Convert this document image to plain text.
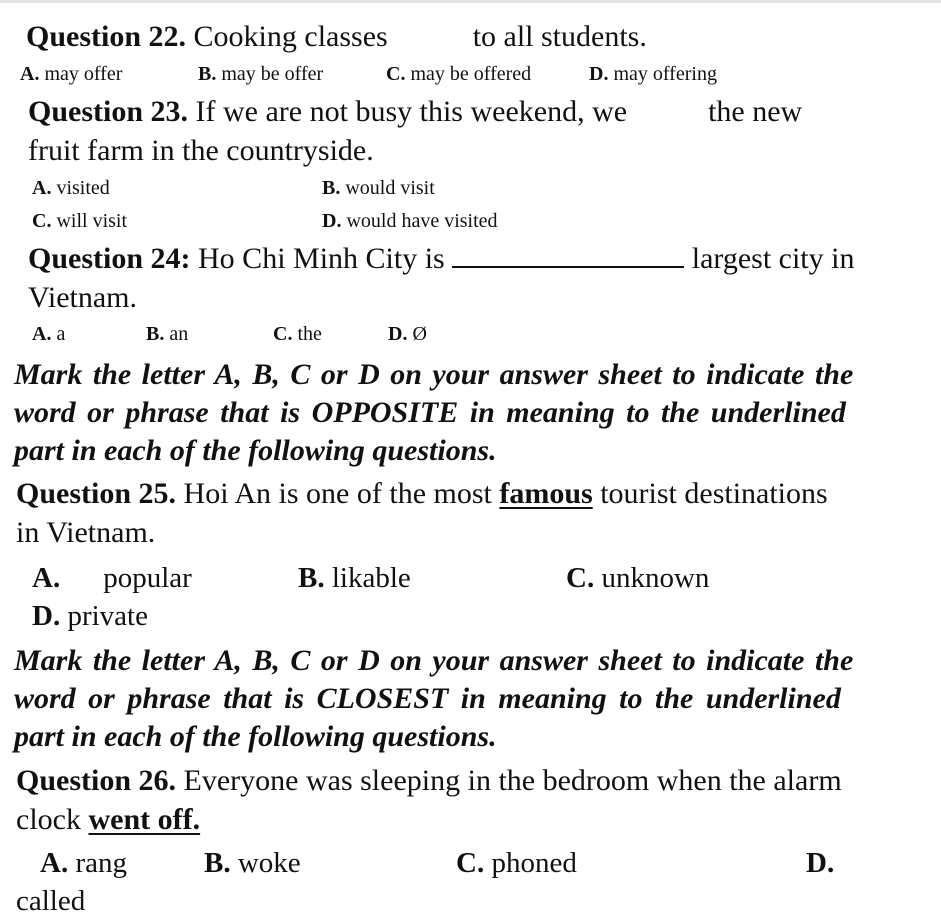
Question 22. Cooking classes	to all students.
A. may offer	B. may be offer	C. may be offered	D. may offering
Question 23. If we are not busy this weekend, we	the new
fruit farm in the countryside.
A. visited	B. would visit
C. will visit	D. would have visited
Question 24: Ho Chi Minh City is	largest city in
Vietnam.
A. a	B. an	C. the	D. Ø
Mark the letter A, B, C or D on your answer sheet to indicate the
word or phrase that is OPPOSITE in meaning to the underlined
part in each of the following questions.
Question 25. Hoi An is one of the most famous tourist destinations
in Vietnam.
A. popular	B. likable	C. unknown
D. private
Mark the letter A, B, C or D on your answer sheet to indicate the
word or phrase that is CLOSEST in meaning to the underlined
part in each of the following questions.
Question 26. Everyone was sleeping in the bedroom when the alarm
clock went off.
A. rang	B. woke	C. phoned	D.
called
